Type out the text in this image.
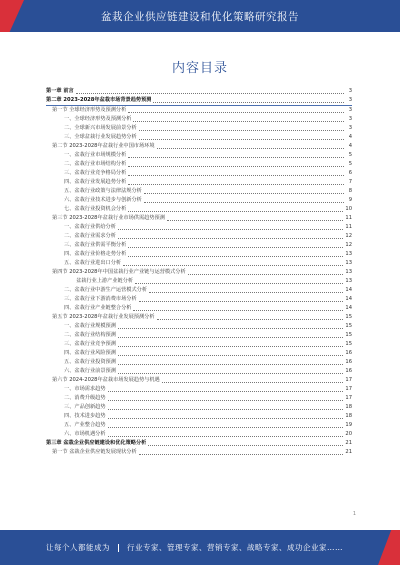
盆栽企业供应链建设和优化策略研究报告
内容目录
第一章 前言	3
第二章 2023-2028年盆栽市场背景趋势预测	3
第一节 全球经济形势及预测分析	3
一、全球经济形势及预测分析	3
二、全球新兴市场发展前景分析	3
三、全球盆栽行业发展趋势分析	4
第二节 2023-2028年盆栽行业中国市场环境	4
一、盆栽行业市场规模分析	5
二、盆栽行业市场结构分析	5
三、盆栽行业竞争格局分析	6
四、盆栽行业发展趋势分析	7
五、盆栽行业政策与法律法规分析	8
六、盆栽行业技术进步与创新分析	9
七、盆栽行业投资机会分析	10
第三节 2023-2028年盆栽行业市场供需趋势预测	11
一、盆栽行业供给分析	11
二、盆栽行业需求分析	12
三、盆栽行业供需平衡分析	12
四、盆栽行业价格走势分析	13
五、盆栽行业进出口分析	13
第四节 2023-2028年中国盆栽行业产业链与运营模式分析	13
盆栽行业上游产业链分析	13
二、盆栽行业中游生产运营模式分析	14
三、盆栽行业下游消费市场分析	14
四、盆栽行业产业链整合分析	14
第五节 2023-2028年盆栽行业发展预测分析	15
一、盆栽行业规模预测	15
二、盆栽行业结构预测	15
三、盆栽行业竞争预测	15
四、盆栽行业风险预测	16
五、盆栽行业投资预测	16
六、盆栽行业前景预测	16
第六节 2024-2028年盆栽市场发展趋势与机遇	17
一、市场需求趋势	17
二、消费升级趋势	17
三、产品创新趋势	18
四、技术进步趋势	18
五、产业整合趋势	19
六、市场机遇分析	20
第三章 盆栽企业供应链建设和优化策略分析	21
第一节 盆栽企业供应链发展现状分析	21
1
让每个人都能成为 行业专家、管理专家、营销专家、战略专家、成功企业家……
